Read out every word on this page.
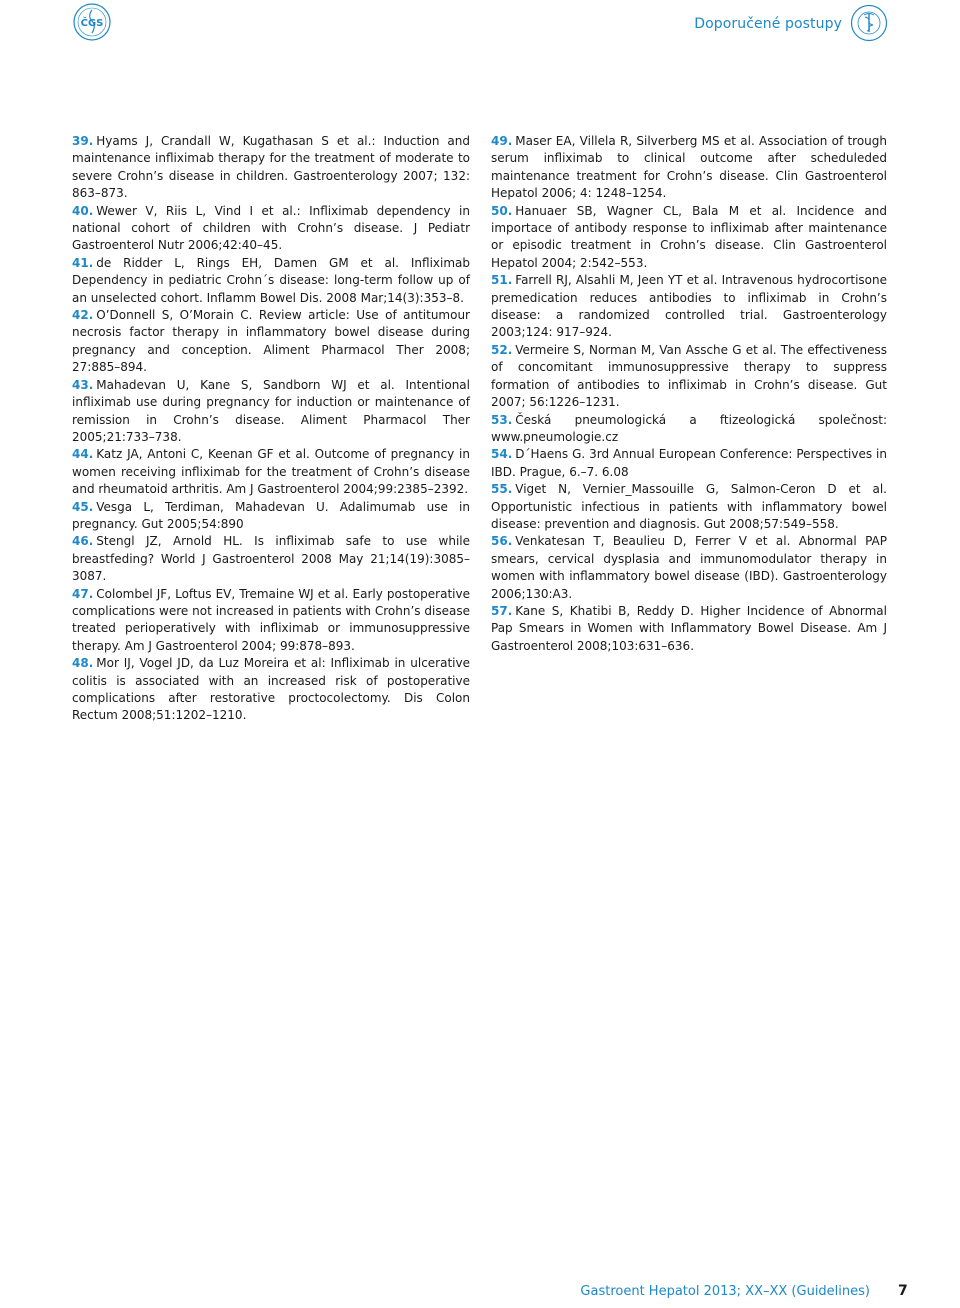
ČGS	Doporučené postupy

39. Hyams J, Crandall W, Kugathasan S et al.: Induction and maintenance infliximab therapy for the treatment of moderate to severe Crohn’s disease in children. Gastroenterology 2007; 132: 863–873.

40. Wewer V, Riis L, Vind I et al.: Infliximab dependency in national cohort of children with Crohn’s disease. J Pediatr Gastroenterol Nutr 2006;42:40–45.

41. de Ridder L, Rings EH, Damen GM et al. Infliximab Dependency in pediatric Crohn´s disease: long-term follow up of an unselected cohort. Inflamm Bowel Dis. 2008 Mar;14(3):353–8.

42. O’Donnell S, O’Morain C. Review article: Use of antitumour necrosis factor therapy in inflammatory bowel disease during pregnancy and conception. Aliment Pharmacol Ther 2008; 27:885–894.

43. Mahadevan U, Kane S, Sandborn WJ et al. Intentional infliximab use during pregnancy for induction or maintenance of remission in Crohn’s disease. Aliment Pharmacol Ther 2005;21:733–738.

44. Katz JA, Antoni C, Keenan GF et al. Outcome of pregnancy in women receiving infliximab for the treatment of Crohn’s disease and rheumatoid arthritis. Am J Gastroenterol 2004;99:2385–2392.

45. Vesga L, Terdiman, Mahadevan U. Adalimumab use in pregnancy. Gut 2005;54:890

46. Stengl JZ, Arnold HL. Is infliximab safe to use while breastfeding? World J Gastroenterol 2008 May 21;14(19):3085–3087.

47. Colombel JF, Loftus EV, Tremaine WJ et al. Early postoperative complications were not increased in patients with Crohn’s disease treated perioperatively with infliximab or immunosuppressive therapy. Am J Gastroenterol 2004; 99:878–893.

48. Mor IJ, Vogel JD, da Luz Moreira et al: Infliximab in ulcerative colitis is associated with an increased risk of postoperative complications after restorative proctocolectomy. Dis Colon Rectum 2008;51:1202–1210.

49. Maser EA, Villela R, Silverberg MS et al. Association of trough serum infliximab to clinical outcome after scheduleded maintenance treatment for Crohn’s disease. Clin Gastroenterol Hepatol 2006; 4: 1248–1254.

50. Hanuaer SB, Wagner CL, Bala M et al. Incidence and importace of antibody response to infliximab after maintenance or episodic treatment in Crohn’s disease. Clin Gastroenterol Hepatol 2004; 2:542–553.

51. Farrell RJ, Alsahli M, Jeen YT et al. Intravenous hydrocortisone premedication reduces antibodies to infliximab in Crohn’s disease: a randomized controlled trial. Gastroenterology 2003;124: 917–924.

52. Vermeire S, Norman M, Van Assche G et al. The effectiveness of concomitant immunosuppressive therapy to suppress formation of antibodies to infliximab in Crohn’s disease. Gut 2007; 56:1226–1231.

53. Česká pneumologická a ftizeologická společnost: www.pneumologie.cz

54. D´Haens G. 3rd Annual European Conference: Perspectives in IBD. Prague, 6.–7. 6.08

55. Viget N, Vernier_Massouille G, Salmon-Ceron D et al. Opportunistic infectious in patients with inflammatory bowel disease: prevention and diagnosis. Gut 2008;57:549–558.

56. Venkatesan T, Beaulieu D, Ferrer V et al. Abnormal PAP smears, cervical dysplasia and immunomodulator therapy in women with inflammatory bowel disease (IBD). Gastroenterology 2006;130:A3.

57. Kane S, Khatibi B, Reddy D. Higher Incidence of Abnormal Pap Smears in Women with Inflammatory Bowel Disease. Am J Gastroenterol 2008;103:631–636.

Gastroent Hepatol 2013; XX–XX (Guidelines) 7
